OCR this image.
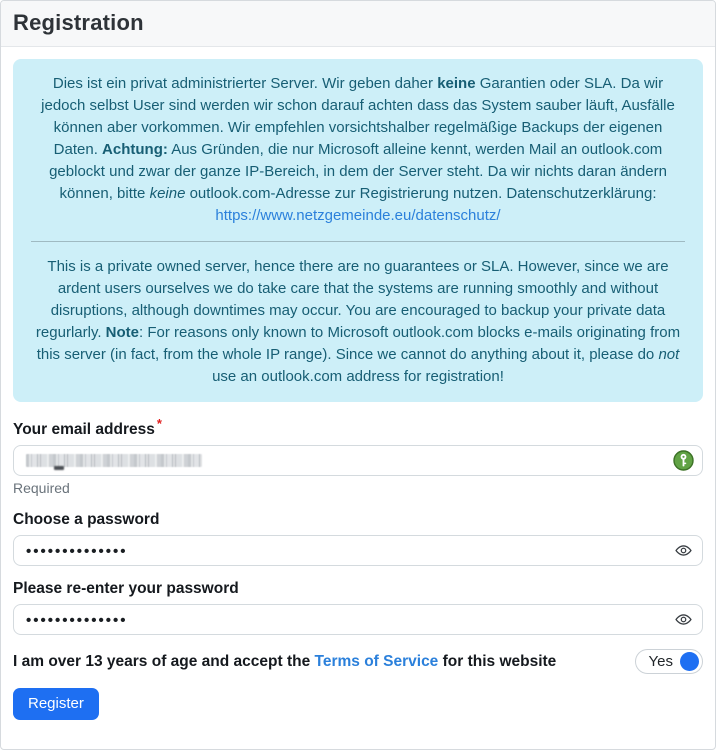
Registration

Dies ist ein privat administrierter Server. Wir geben daher keine Garantien oder SLA. Da wir jedoch selbst User sind werden wir schon darauf achten dass das System sauber läuft, Ausfälle können aber vorkommen. Wir empfehlen vorsichtshalber regelmäßige Backups der eigenen Daten. Achtung: Aus Gründen, die nur Microsoft alleine kennt, werden Mail an outlook.com geblockt und zwar der ganze IP-Bereich, in dem der Server steht. Da wir nichts daran ändern können, bitte keine outlook.com-Adresse zur Registrierung nutzen. Datenschutzerklärung: https://www.netzgemeinde.eu/datenschutz/

This is a private owned server, hence there are no guarantees or SLA. However, since we are ardent users ourselves we do take care that the systems are running smoothly and without disruptions, although downtimes may occur. You are encouraged to backup your private data regurlarly. Note: For reasons only known to Microsoft outlook.com blocks e-mails originating from this server (in fact, from the whole IP range). Since we cannot do anything about it, please do not use an outlook.com address for registration!

Your email address *
Required
Choose a password
••••••••••••••
Please re-enter your password
••••••••••••••
I am over 13 years of age and accept the Terms of Service for this website	Yes
Register
